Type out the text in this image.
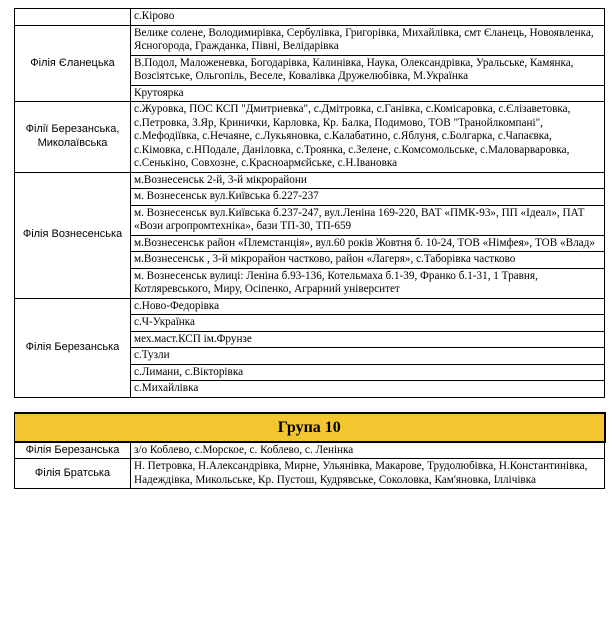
	с.Кірово
Філія Єланецька	Велике солене, Володимирівка, Сербулівка, Григорівка, Михайлівка, смт Єланець, Новоявленка, Ясногорода, Гражданка, Півні, Велідарівка
	В.Подол, Маложеневка, Богодарівка, Калинівка, Наука, Олександрівка, Уральське, Камянка, Возсіятське, Ольгопіль, Веселе, Ковалівка Дружелюбівка, М.Українка
	Крутоярка
Філії Березанська, Миколаївська	с.Журовка, ПОС КСП "Дмитриевка", с.Дмітровка, с.Ганівка, с.Комісаровка, с.Єлізаветовка, с.Петровка, З.Яр, Кринички, Карловка, Кр. Балка, Подимово, ТОВ "Транойлкомпані", с.Мефодіївка, с.Нечаяне, с.Лукьяновка, с.Калабатино, с.Яблуня, с.Болгарка, с.Чапаєвка, с.Кімовка, с.НПодале, Даніловка, с.Троянка, с.Зелене, с.Комсомольське, с.Маловарваровка, с.Сенькіно, Совхозне, с.Красноармєйське, с.Н.Івановка
Філія Вознесенська	м.Вознесенськ 2-й, 3-й мікрорайони
	м. Вознесенськ вул.Київська б.227-237
	м. Вознесенськ вул.Київська б.237-247, вул.Леніна 169-220, ВАТ «ПМК-93», ПП «Ідеал», ПАТ «Вози агропромтехніка», бази ТП-30, ТП-659
	м.Вознесенськ район «Племстанція», вул.60 років Жовтня б. 10-24, ТОВ «Німфея», ТОВ «Влад»
	м.Вознесенськ , 3-й мікрорайон частково, район «Лагеря», с.Таборівка частково
	м. Вознесенськ вулиці: Леніна б.93-136, Котельмаха б.1-39, Франко б.1-31, 1 Травня, Котляревського, Миру, Осіпенко, Аграрний університет
Філія Березанська	с.Ново-Федорівка
	с.Ч-Українка
	мех.маст.КСП ім.Фрунзе
	с.Тузли
	с.Лимани, с.Вікторівка
	с.Михайлівка
Група 10	
Філія Березанська	з/о Коблево, с.Морское, с. Коблево, с. Ленінка
Філія Братська	Н. Петровка, Н.Александрівка, Мирне, Ульянівка, Макарове, Трудолюбівка, Н.Константинівка, Надеждівка, Микольське, Кр. Пустош, Кудрявське, Соколовка, Кам'яновка, Іллічівка
